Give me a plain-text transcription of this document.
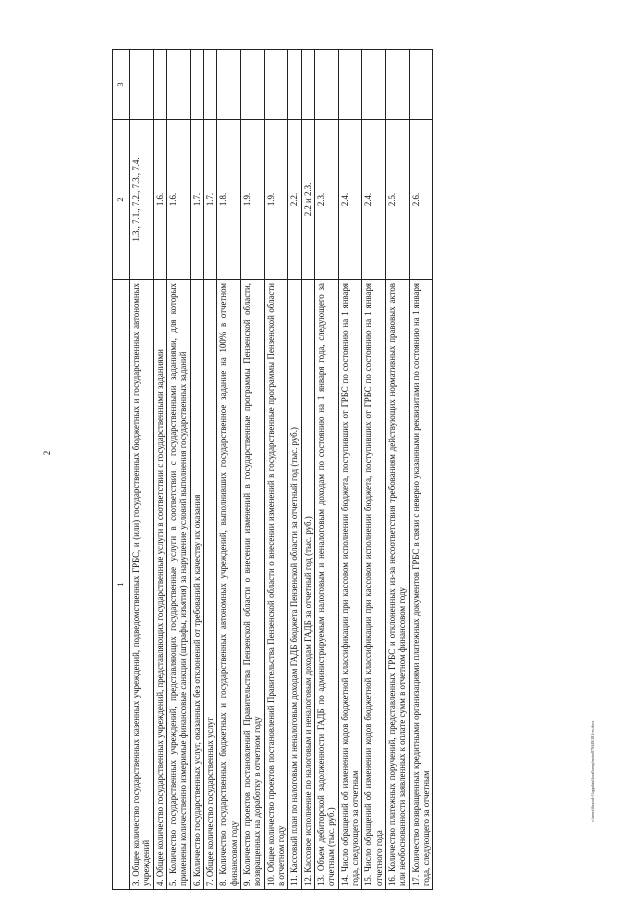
2
1	2	3
3. Общее количество государственных казенных учреждений, подведомственных ГРБС, и (или) государственных бюджетных и государственных автономных учреждений	1.3., 7.1., 7.2., 7.3., 7.4.	
4. Общее количество государственных учреждений, представляющих государственные услуги в соответствии с государственными заданиями	1.6.	
5. Количество государственных учреждений, представляющих государственные услуги в соответствии с государственными заданиями, для которых применены количественно измеримые финансовые санкции (штрафы, изъятия) за нарушение условий выполнения государственных заданий	1.6.	
6. Количество государственных услуг, оказанных без отклонений от требований к качеству их оказания	1.7.	
7. Общее количество государственных услуг	1.7.	
8. Количество государственных бюджетных и государственных автономных учреждений, выполнивших государственное задание на 100% в отчетном финансовом году	1.8.	
9. Количество проектов постановлений Правительства Пензенской области о внесении изменений в государственные программы Пензенской области, возвращенных на доработку в отчетном году	1.9.	
10. Общее количество проектов постановлений Правительства Пензенской области о внесении изменений в государственные программы Пензенской области в отчетном году	1.9.	
11. Кассовый план по налоговым и неналоговым доходам ГАДБ бюджета Пензенской области за отчетный год (тыс. руб.)	2.2.	
12. Кассовое исполнение по налоговым и неналоговым доходам ГАДБ за отчетный год (тыс. руб.)	2.2 и 2.3.	
13. Объем дебиторской задолженности ГАДБ по администрируемым налоговым и неналоговым доходам по состоянию на 1 января года, следующего за отчетным (тыс. руб.)	2.3.	
14. Число обращений об изменении кодов бюджетной классификации при кассовом исполнении бюджета, поступивших от ГРБС по состоянию на 1 января года, следующего за отчетным	2.4.	
15. Число обращений об изменении кодов бюджетной классификации при кассовом исполнении бюджета, поступивших от ГРБС по состоянию на 1 января отчетного года	2.4.	
16. Количество платежных поручений, представленных ГРБС и отклоненных из-за несоответствия требованиям действующих нормативных правовых актов или необоснованности заявленных к оплате сумм в отчетном финансовом году	2.5.	
17. Количество возвращенных кредитными организациями платежных документов ГРБС в связи с неверно указанными реквизитами по состоянию на 1 января года, следующего за отчетным	2.6.	
c:\users\iborod~1\appdata\local\temp\notes879449\181-m.docx
